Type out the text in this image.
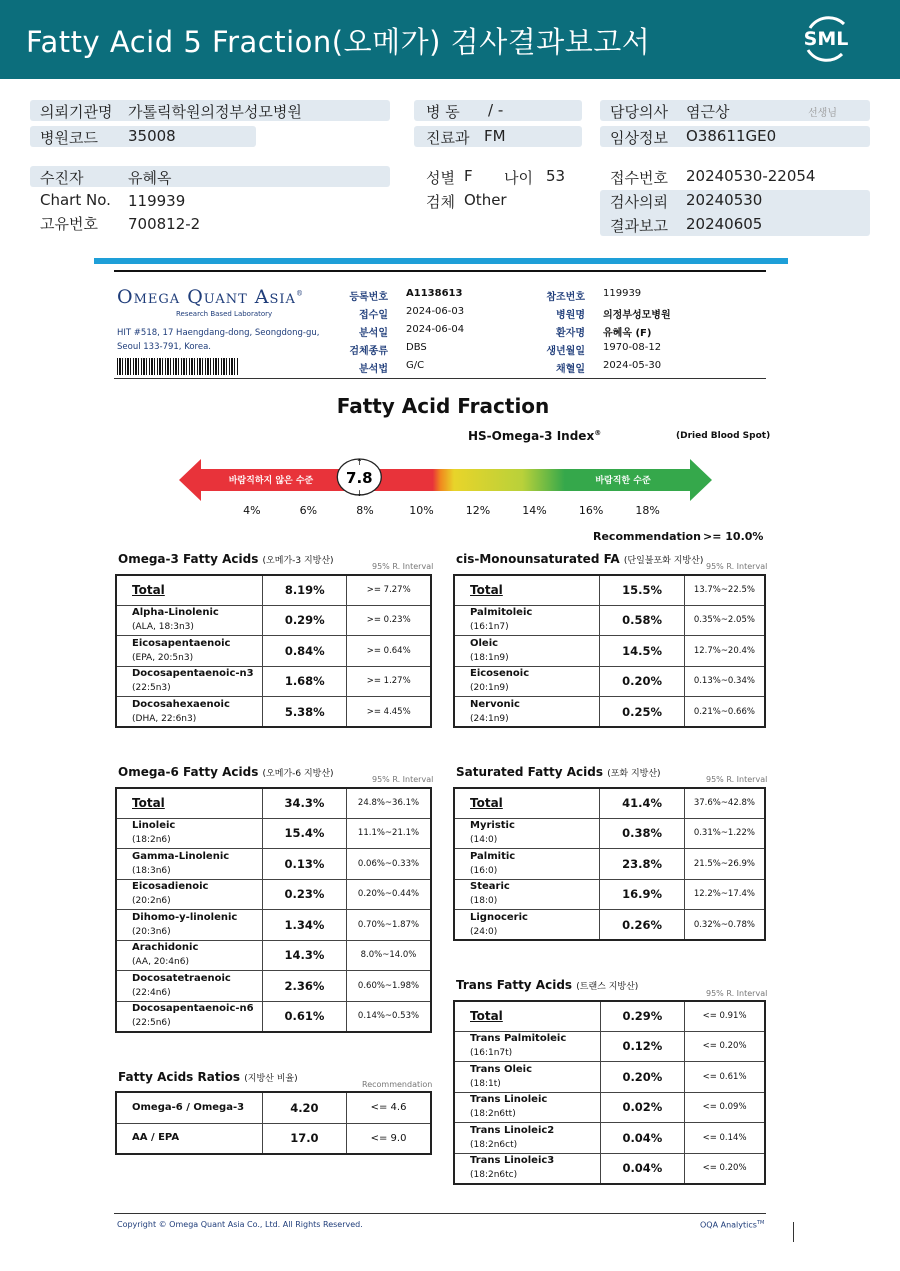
Fatty Acid 5 Fraction(오메가) 검사결과보고서	SML
의뢰기관명 가톨릭학원의정부성모병원
병원코드 35008
병 동 / -
진료과 FM
담당의사 염근상	선생님
임상정보 O38611GE0
수진자	유혜옥
Chart No. 119939
고유번호 700812-2
성별 F 나이 53
검체 Other
접수번호 20240530-22054
검사의뢰 20240530
결과보고 20240605
Omega Quant Asia®
Research Based Laboratory
HIT #518, 17 Haengdang-dong, Seongdong-gu,
Seoul 133-791, Korea.
등록번호 A1138613
접수일 2024-06-03
분석일 2024-06-04
검체종류 DBS
분석법 G/C
참조번호 119939
병원명 의정부성모병원
환자명 유혜옥 (F)
생년월일 1970-08-12
채혈일 2024-05-30
Fatty Acid Fraction
HS-Omega-3 Index®	(Dried Blood Spot)
바람직하지 않은 수준	바람직한 수준
7.8
↑
↓
4%	6%	8%	10%	12%	14%	16%	18%
Recommendation >= 10.0%
Omega-3 Fatty Acids (오메가-3 지방산)
95% R. Interval
cis-Monounsaturated FA (단일불포화 지방산)
95% R. Interval
Omega-6 Fatty Acids (오메가-6 지방산)
95% R. Interval
Saturated Fatty Acids (포화 지방산)
95% R. Interval
Trans Fatty Acids (트랜스 지방산)
95% R. Interval
Fatty Acids Ratios (지방산 비율)
Recommendation
Total	8.19%	>= 7.27%
Alpha-Linolenic
(ALA, 18:3n3)	0.29%	>= 0.23%
Eicosapentaenoic
(EPA, 20:5n3)	0.84%	>= 0.64%
Docosapentaenoic-n3
(22:5n3)	1.68%	>= 1.27%
Docosahexaenoic
(DHA, 22:6n3)	5.38%	>= 4.45%
Total	15.5%	13.7%~22.5%
Palmitoleic
(16:1n7)	0.58%	0.35%~2.05%
Oleic
(18:1n9)	14.5%	12.7%~20.4%
Eicosenoic
(20:1n9)	0.20%	0.13%~0.34%
Nervonic
(24:1n9)	0.25%	0.21%~0.66%
Total	34.3%	24.8%~36.1%
Linoleic
(18:2n6)	15.4%	11.1%~21.1%
Gamma-Linolenic
(18:3n6)	0.13%	0.06%~0.33%
Eicosadienoic
(20:2n6)	0.23%	0.20%~0.44%
Dihomo-y-linolenic
(20:3n6)	1.34%	0.70%~1.87%
Arachidonic
(AA, 20:4n6)	14.3%	8.0%~14.0%
Docosatetraenoic
(22:4n6)	2.36%	0.60%~1.98%
Docosapentaenoic-n6
(22:5n6)	0.61%	0.14%~0.53%
Total	41.4%	37.6%~42.8%
Myristic
(14:0)	0.38%	0.31%~1.22%
Palmitic
(16:0)	23.8%	21.5%~26.9%
Stearic
(18:0)	16.9%	12.2%~17.4%
Lignoceric
(24:0)	0.26%	0.32%~0.78%
Total	0.29%	<= 0.91%
Trans Palmitoleic
(16:1n7t)	0.12%	<= 0.20%
Trans Oleic
(18:1t)	0.20%	<= 0.61%
Trans Linoleic
(18:2n6tt)	0.02%	<= 0.09%
Trans Linoleic2
(18:2n6ct)	0.04%	<= 0.14%
Trans Linoleic3
(18:2n6tc)	0.04%	<= 0.20%
Omega-6 / Omega-3	4.20	<= 4.6
AA / EPA	17.0	<= 9.0
Copyright © Omega Quant Asia Co., Ltd. All Rights Reserved.	OQA Analytics™
